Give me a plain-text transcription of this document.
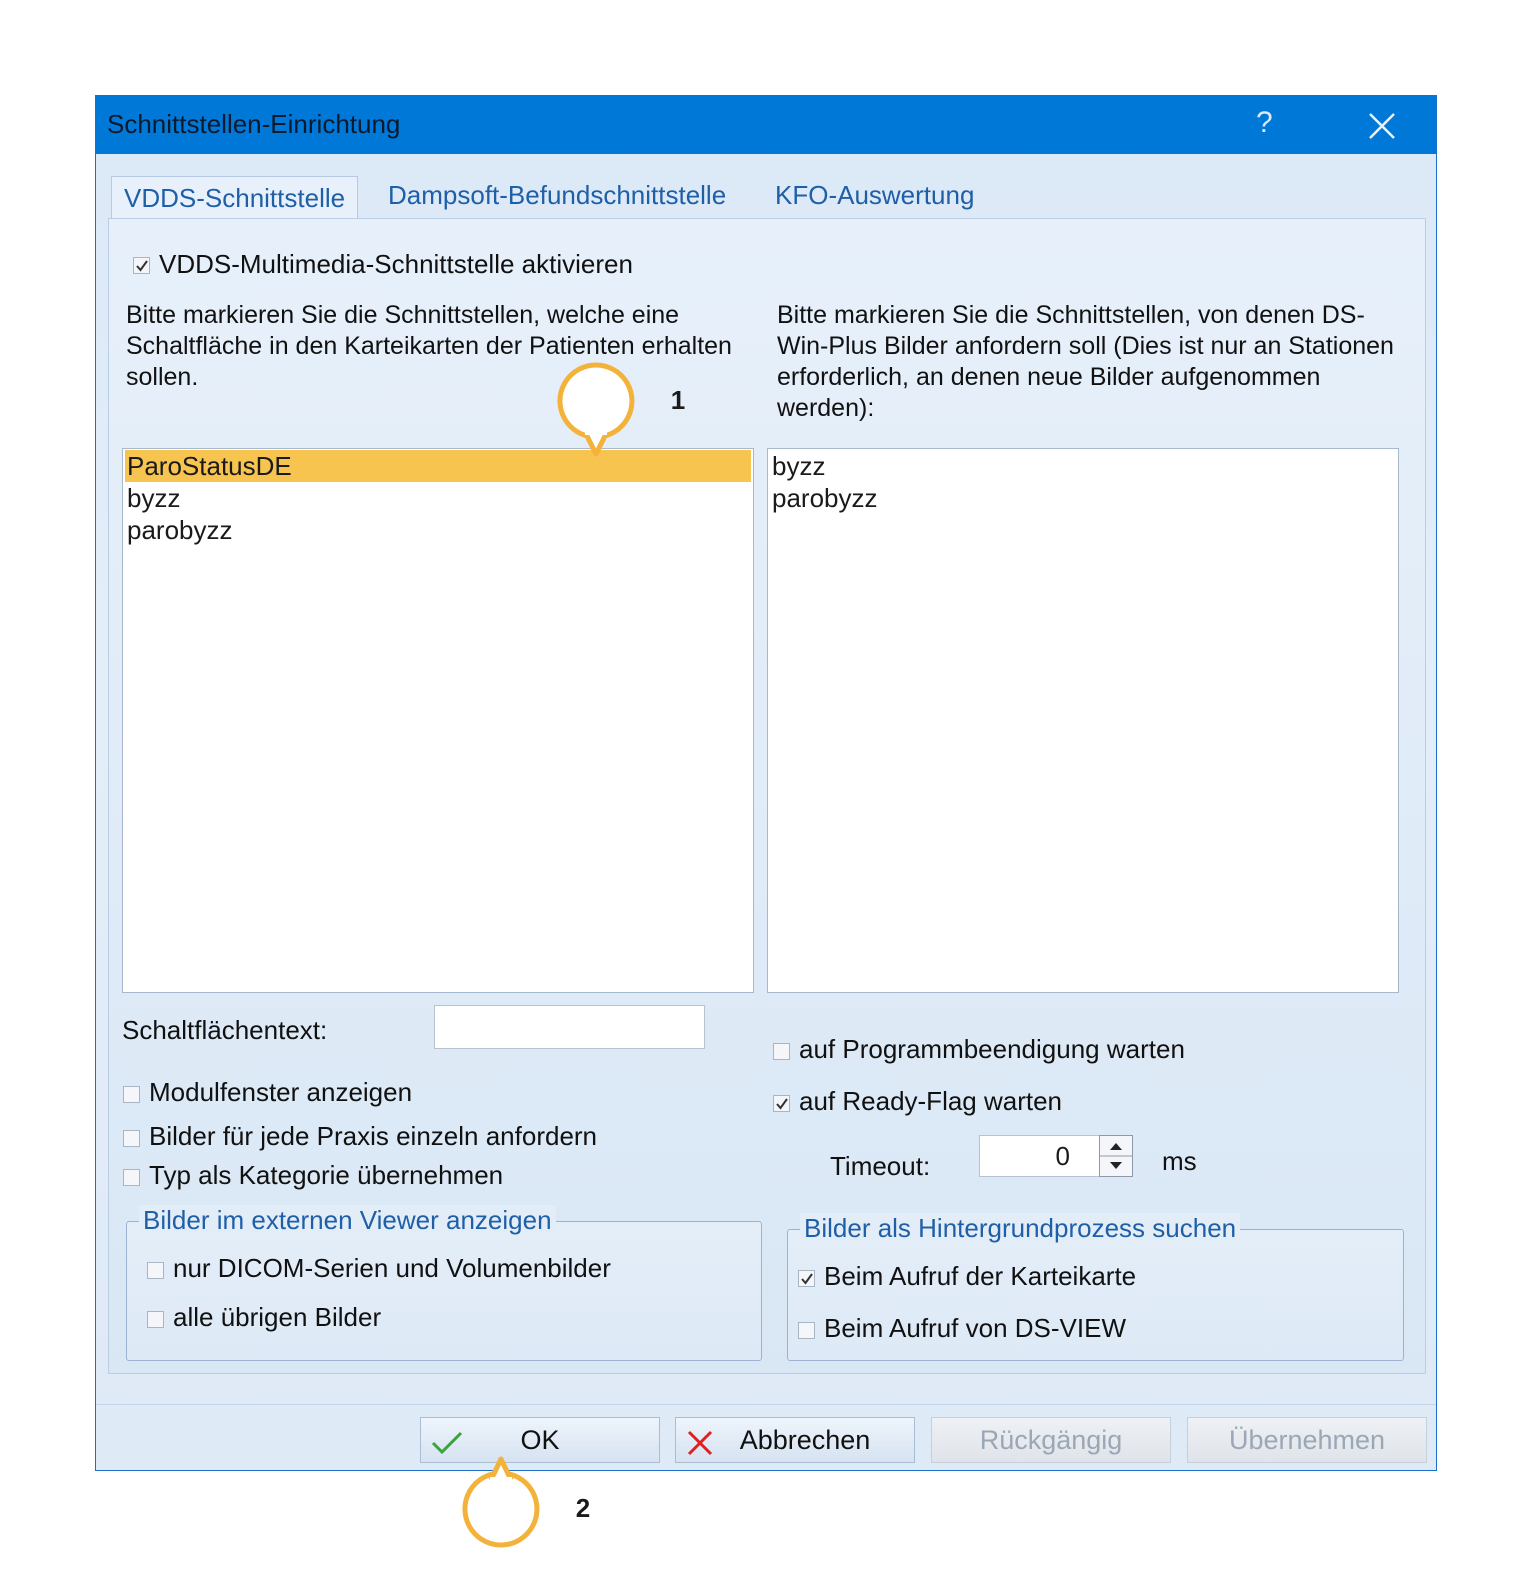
Schnittstellen-Einrichtung	?
VDDS-Schnittstelle	Dampsoft-Befundschnittstelle KFO-Auswertung
VDDS-Multimedia-Schnittstelle aktivieren
Bitte markieren Sie die Schnittstellen, welche eine Schaltfläche in den Karteikarten der Patienten erhalten sollen.
Bitte markieren Sie die Schnittstellen, von denen DS-Win-Plus Bilder anfordern soll (Dies ist nur an Stationen erforderlich, an denen neue Bilder aufgenommen werden):
ParoStatusDE
byzz
parobyzz
byzz
parobyzz
Schaltflächentext:
Modulfenster anzeigen
Bilder für jede Praxis einzeln anfordern
Typ als Kategorie übernehmen
auf Programmbeendigung warten
auf Ready-Flag warten
Timeout:	0	ms
Bilder im externen Viewer anzeigen
nur DICOM-Serien und Volumenbilder
alle übrigen Bilder
Bilder als Hintergrundprozess suchen
Beim Aufruf der Karteikarte
Beim Aufruf von DS-VIEW
OK	Abbrechen	Rückgängig	Übernehmen
1
2
